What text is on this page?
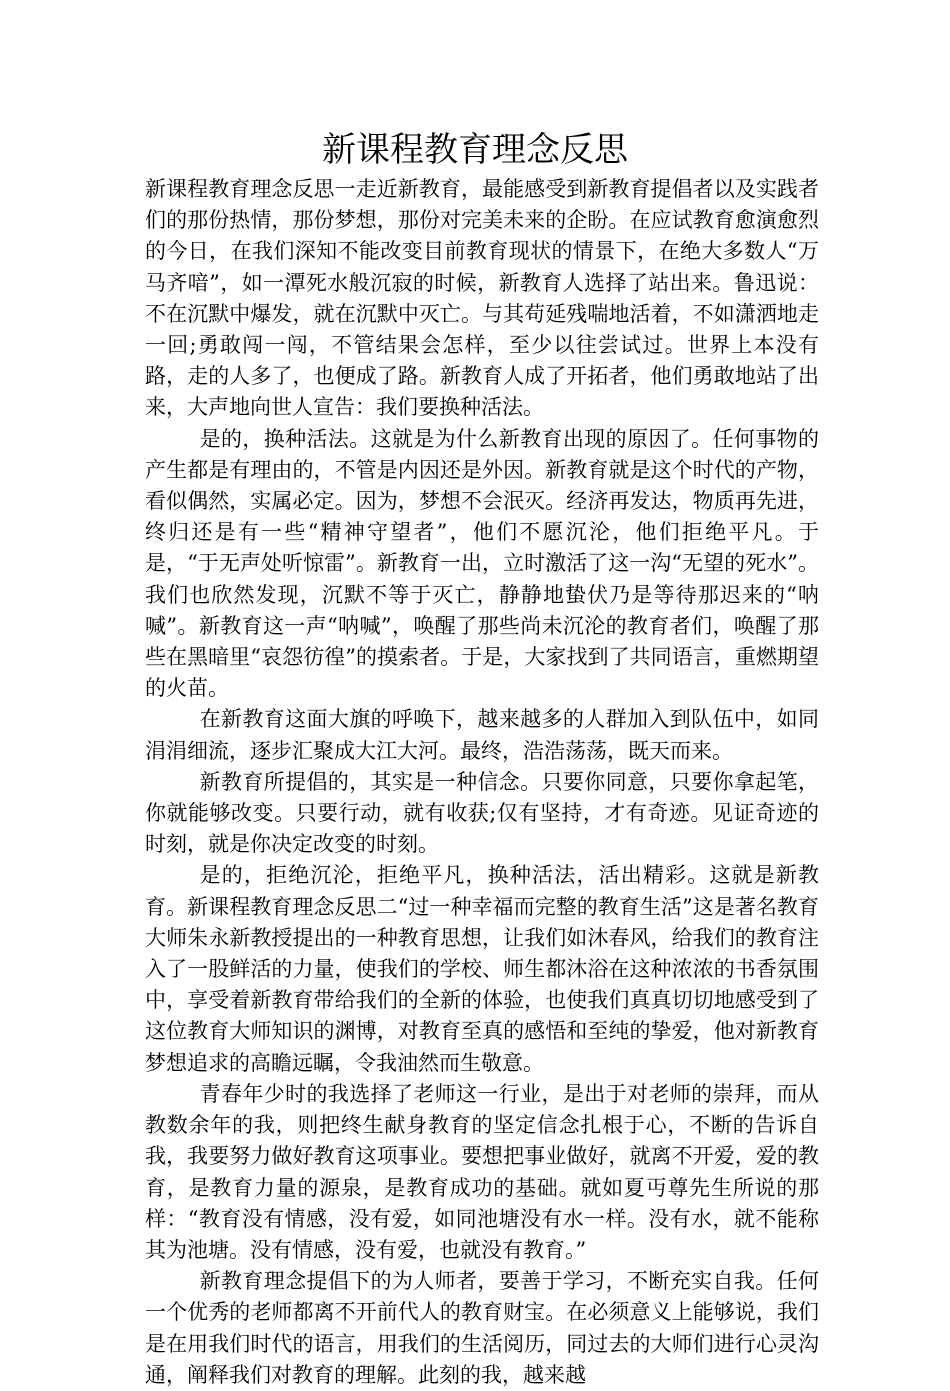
新课程教育理念反思

新课程教育理念反思一走近新教育，最能感受到新教育提倡者以及实践者们的那份热情，那份梦想，那份对完美未来的企盼。在应试教育愈演愈烈的今日，在我们深知不能改变目前教育现状的情景下，在绝大多数人“万马齐喑”，如一潭死水般沉寂的时候，新教育人选择了站出来。鲁迅说：不在沉默中爆发，就在沉默中灭亡。与其苟延残喘地活着，不如潇洒地走一回;勇敢闯一闯，不管结果会怎样，至少以往尝试过。世界上本没有路，走的人多了，也便成了路。新教育人成了开拓者，他们勇敢地站了出来，大声地向世人宣告：我们要换种活法。

是的，换种活法。这就是为什么新教育出现的原因了。任何事物的产生都是有理由的，不管是内因还是外因。新教育就是这个时代的产物，看似偶然，实属必定。因为，梦想不会泯灭。经济再发达，物质再先进，终归还是有一些“精神守望者”，他们不愿沉沦，他们拒绝平凡。于是，“于无声处听惊雷”。新教育一出，立时激活了这一沟“无望的死水”。我们也欣然发现，沉默不等于灭亡，静静地蛰伏乃是等待那迟来的“呐喊”。新教育这一声“呐喊”，唤醒了那些尚未沉沦的教育者们，唤醒了那些在黑暗里“哀怨彷徨”的摸索者。于是，大家找到了共同语言，重燃期望的火苗。

在新教育这面大旗的呼唤下，越来越多的人群加入到队伍中，如同涓涓细流，逐步汇聚成大江大河。最终，浩浩荡荡，既天而来。

新教育所提倡的，其实是一种信念。只要你同意，只要你拿起笔，你就能够改变。只要行动，就有收获;仅有坚持，才有奇迹。见证奇迹的时刻，就是你决定改变的时刻。

是的，拒绝沉沦，拒绝平凡，换种活法，活出精彩。这就是新教育。新课程教育理念反思二“过一种幸福而完整的教育生活”这是著名教育大师朱永新教授提出的一种教育思想，让我们如沐春风，给我们的教育注入了一股鲜活的力量，使我们的学校、师生都沐浴在这种浓浓的书香氛围中，享受着新教育带给我们的全新的体验，也使我们真真切切地感受到了这位教育大师知识的渊博，对教育至真的感悟和至纯的挚爱，他对新教育梦想追求的高瞻远瞩，令我油然而生敬意。

青春年少时的我选择了老师这一行业，是出于对老师的崇拜，而从教数余年的我，则把终生献身教育的坚定信念扎根于心，不断的告诉自我，我要努力做好教育这项事业。要想把事业做好，就离不开爱，爱的教育，是教育力量的源泉，是教育成功的基础。就如夏丏尊先生所说的那样：“教育没有情感，没有爱，如同池塘没有水一样。没有水，就不能称其为池塘。没有情感，没有爱，也就没有教育。”

新教育理念提倡下的为人师者，要善于学习，不断充实自我。任何一个优秀的老师都离不开前代人的教育财宝。在必须意义上能够说，我们是在用我们时代的语言，用我们的生活阅历，同过去的大师们进行心灵沟通，阐释我们对教育的理解。此刻的我，越来越
